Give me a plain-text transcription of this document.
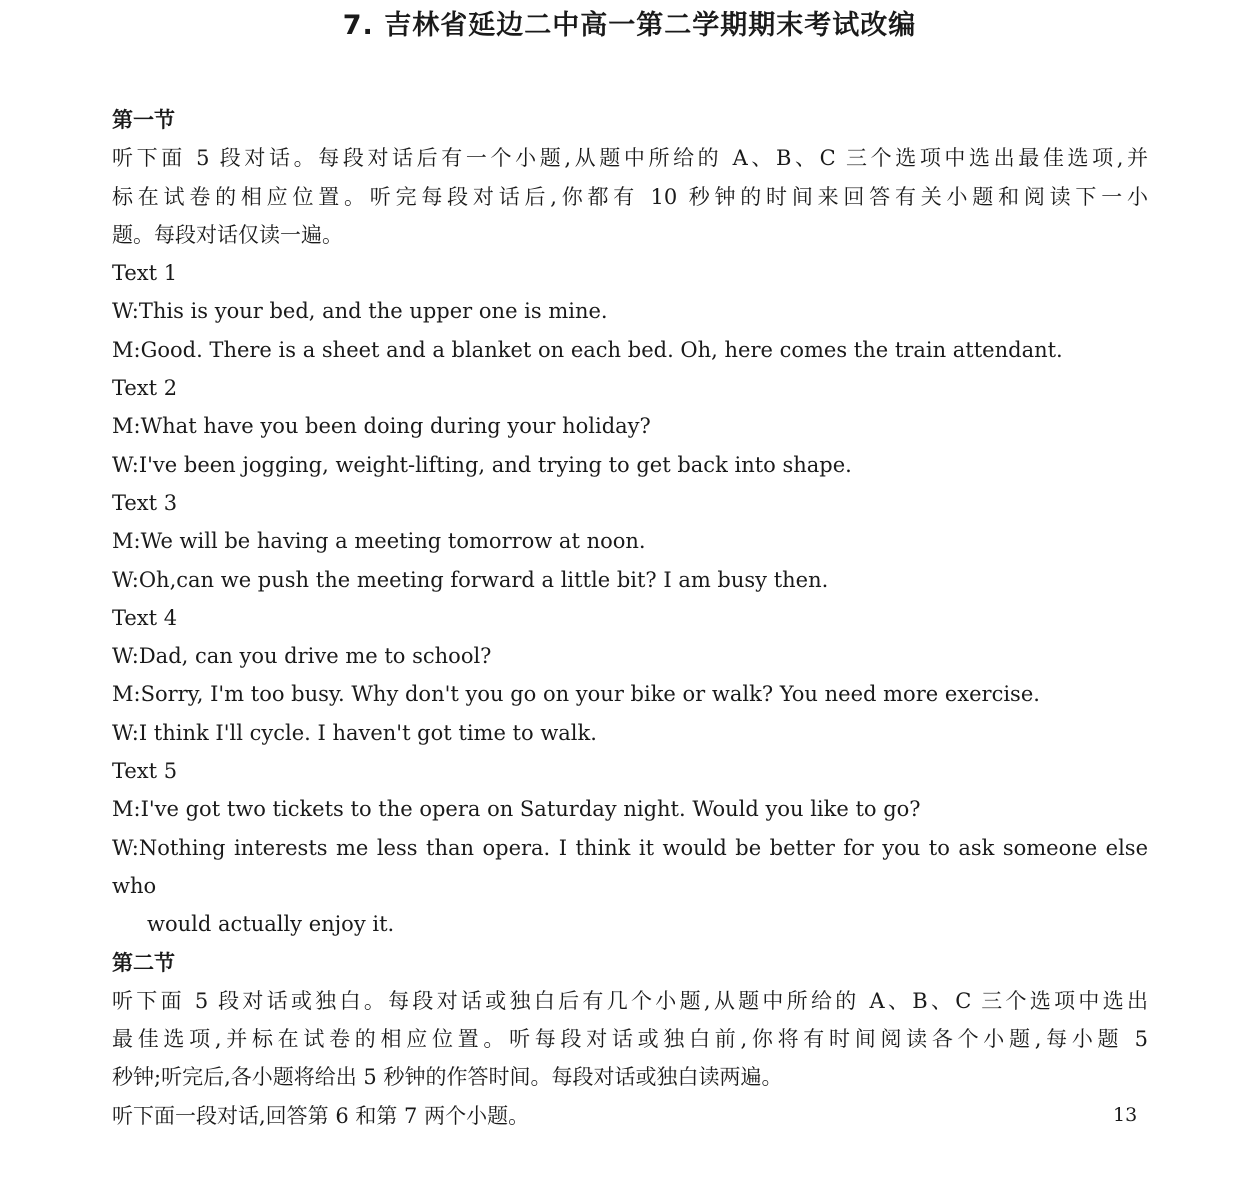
7. 吉林省延边二中高一第二学期期末考试改编
第一节
听下面 5 段对话。每段对话后有一个小题,从题中所给的 A、B、C 三个选项中选出最佳选项,并
标在试卷的相应位置。听完每段对话后,你都有 10 秒钟的时间来回答有关小题和阅读下一小
题。每段对话仅读一遍。
Text 1
W:This is your bed, and the upper one is mine.
M:Good. There is a sheet and a blanket on each bed. Oh, here comes the train attendant.
Text 2
M:What have you been doing during your holiday?
W:I've been jogging, weight-lifting, and trying to get back into shape.
Text 3
M:We will be having a meeting tomorrow at noon.
W:Oh,can we push the meeting forward a little bit? I am busy then.
Text 4
W:Dad, can you drive me to school?
M:Sorry, I'm too busy. Why don't you go on your bike or walk? You need more exercise.
W:I think I'll cycle. I haven't got time to walk.
Text 5
M:I've got two tickets to the opera on Saturday night. Would you like to go?
W:Nothing interests me less than opera. I think it would be better for you to ask someone else who
would actually enjoy it.
第二节
听下面 5 段对话或独白。每段对话或独白后有几个小题,从题中所给的 A、B、C 三个选项中选出
最佳选项,并标在试卷的相应位置。听每段对话或独白前,你将有时间阅读各个小题,每小题 5
秒钟;听完后,各小题将给出 5 秒钟的作答时间。每段对话或独白读两遍。
听下面一段对话,回答第 6 和第 7 两个小题。	13
